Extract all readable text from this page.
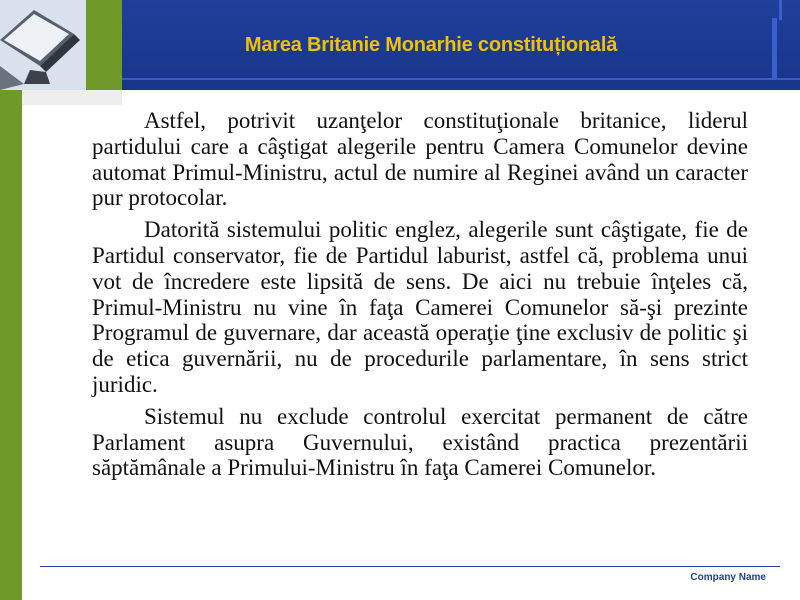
Marea Britanie Monarhie constituțională

Astfel, potrivit uzanţelor constituţionale britanice, liderul partidului care a câştigat alegerile pentru Camera Comunelor devine automat Primul-Ministru, actul de numire al Reginei având un caracter pur protocolar.

Datorită sistemului politic englez, alegerile sunt câştigate, fie de Partidul conservator, fie de Partidul laburist, astfel că, problema unui vot de încredere este lipsită de sens. De aici nu trebuie înţeles că, Primul-Ministru nu vine în faţa Camerei Comunelor să-şi prezinte Programul de guvernare, dar această operaţie ţine exclusiv de politic şi de etica guvernării, nu de procedurile parlamentare, în sens strict juridic.

Sistemul nu exclude controlul exercitat permanent de către Parlament asupra Guvernului, existând practica prezentării săptămânale a Primului-Ministru în faţa Camerei Comunelor.

Company Name
